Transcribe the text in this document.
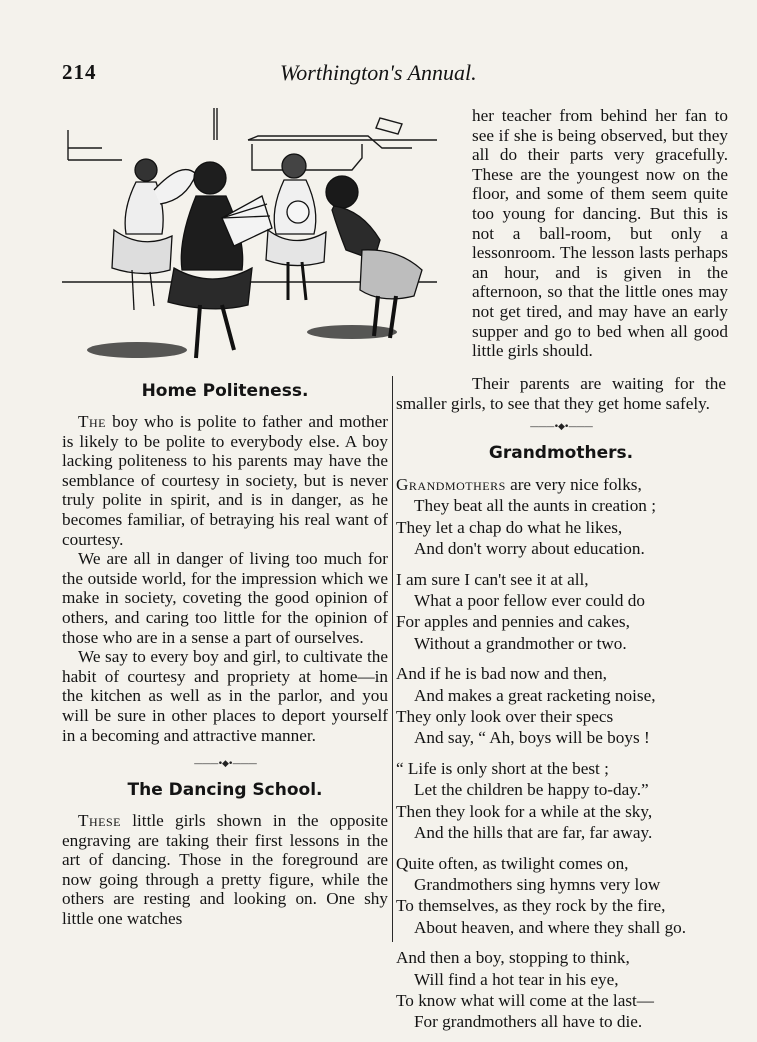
214	Worthington's Annual.

her teacher from behind her fan to see if she is being observed, but they all do their parts very gracefully. These are the youngest now on the floor, and some of them seem quite too young for dancing. But this is not a ball-room, but only a lessonroom. The lesson lasts perhaps an hour, and is given in the afternoon, so that the little ones may not get tired, and may have an early supper and go to bed when all good little girls should.

Their parents are waiting for the smaller girls, to see that they get home safely.

Home Politeness.

The boy who is polite to father and mother is likely to be polite to everybody else. A boy lacking politeness to his parents may have the semblance of courtesy in society, but is never truly polite in spirit, and is in danger, as he becomes familiar, of betraying his real want of courtesy.

We are all in danger of living too much for the outside world, for the impression which we make in society, coveting the good opinion of others, and caring too little for the opinion of those who are in a sense a part of ourselves.

We say to every boy and girl, to cultivate the habit of courtesy and propriety at home—in the kitchen as well as in the parlor, and you will be sure in other places to deport yourself in a becoming and attractive manner.

———•◆•———
The Dancing School.

These little girls shown in the opposite engraving are taking their first lessons in the art of dancing. Those in the foreground are now going through a pretty figure, while the others are resting and looking on. One shy little one watches

———•◆•———
Grandmothers.

Grandmothers are very nice folks,

They beat all the aunts in creation ;

They let a chap do what he likes,

And don't worry about education.

I am sure I can't see it at all,

What a poor fellow ever could do

For apples and pennies and cakes,

Without a grandmother or two.

And if he is bad now and then,

And makes a great racketing noise,

They only look over their specs

And say, “ Ah, boys will be boys !

“ Life is only short at the best ;

Let the children be happy to-day.”

Then they look for a while at the sky,

And the hills that are far, far away.

Quite often, as twilight comes on,

Grandmothers sing hymns very low

To themselves, as they rock by the fire,

About heaven, and where they shall go.

And then a boy, stopping to think,

Will find a hot tear in his eye,

To know what will come at the last—

For grandmothers all have to die.
